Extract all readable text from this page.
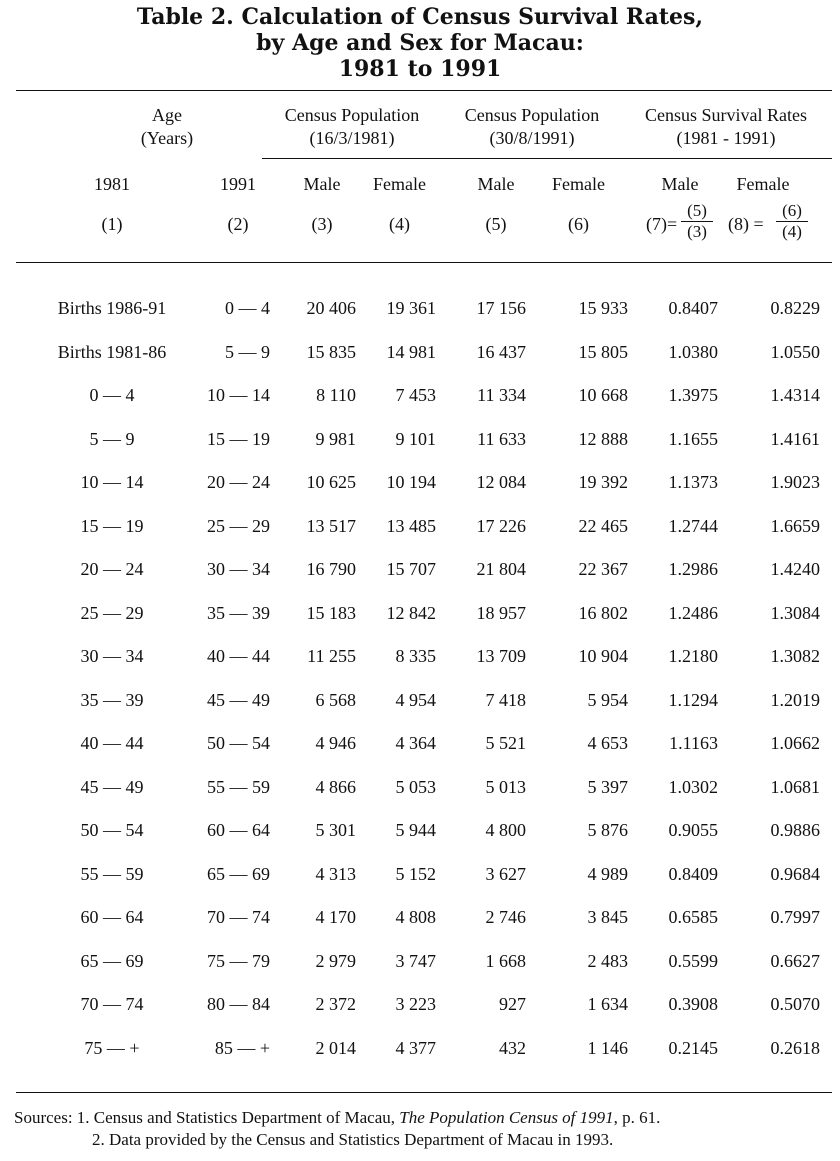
Table 2. Calculation of Census Survival Rates,
by Age and Sex for Macau:
1981 to 1991
Age
(Years)
Census Population
(16/3/1981)
Census Population
(30/8/1991)
Census Survival Rates
(1981 - 1991)
1981	1991	Male	Female	Male	Female	Male	Female
(1)	(2)	(3)	(4)	(5)	(6)	$(7)= \frac{(5)}{(3)} (8) = \frac{(6)}{(4)}$
Births 1986-91	0 — 4	20 406	19 361	17 156	15 933	0.8407	0.8229
Births 1981-86	5 — 9	15 835	14 981	16 437	15 805	1.0380	1.0550
0 — 4	10 — 14	8 110	7 453	11 334	10 668	1.3975	1.4314
5 — 9	15 — 19	9 981	9 101	11 633	12 888	1.1655	1.4161
10 — 14	20 — 24	10 625	10 194	12 084	19 392	1.1373	1.9023
15 — 19	25 — 29	13 517	13 485	17 226	22 465	1.2744	1.6659
20 — 24	30 — 34	16 790	15 707	21 804	22 367	1.2986	1.4240
25 — 29	35 — 39	15 183	12 842	18 957	16 802	1.2486	1.3084
30 — 34	40 — 44	11 255	8 335	13 709	10 904	1.2180	1.3082
35 — 39	45 — 49	6 568	4 954	7 418	5 954	1.1294	1.2019
40 — 44	50 — 54	4 946	4 364	5 521	4 653	1.1163	1.0662
45 — 49	55 — 59	4 866	5 053	5 013	5 397	1.0302	1.0681
50 — 54	60 — 64	5 301	5 944	4 800	5 876	0.9055	0.9886
55 — 59	65 — 69	4 313	5 152	3 627	4 989	0.8409	0.9684
60 — 64	70 — 74	4 170	4 808	2 746	3 845	0.6585	0.7997
65 — 69	75 — 79	2 979	3 747	1 668	2 483	0.5599	0.6627
70 — 74	80 — 84	2 372	3 223	927	1 634	0.3908	0.5070
75 — +	85 — +	2 014	4 377	432	1 146	0.2145	0.2618
Sources: 1. Census and Statistics Department of Macau, The Population Census of 1991, p. 61.
2. Data provided by the Census and Statistics Department of Macau in 1993.
